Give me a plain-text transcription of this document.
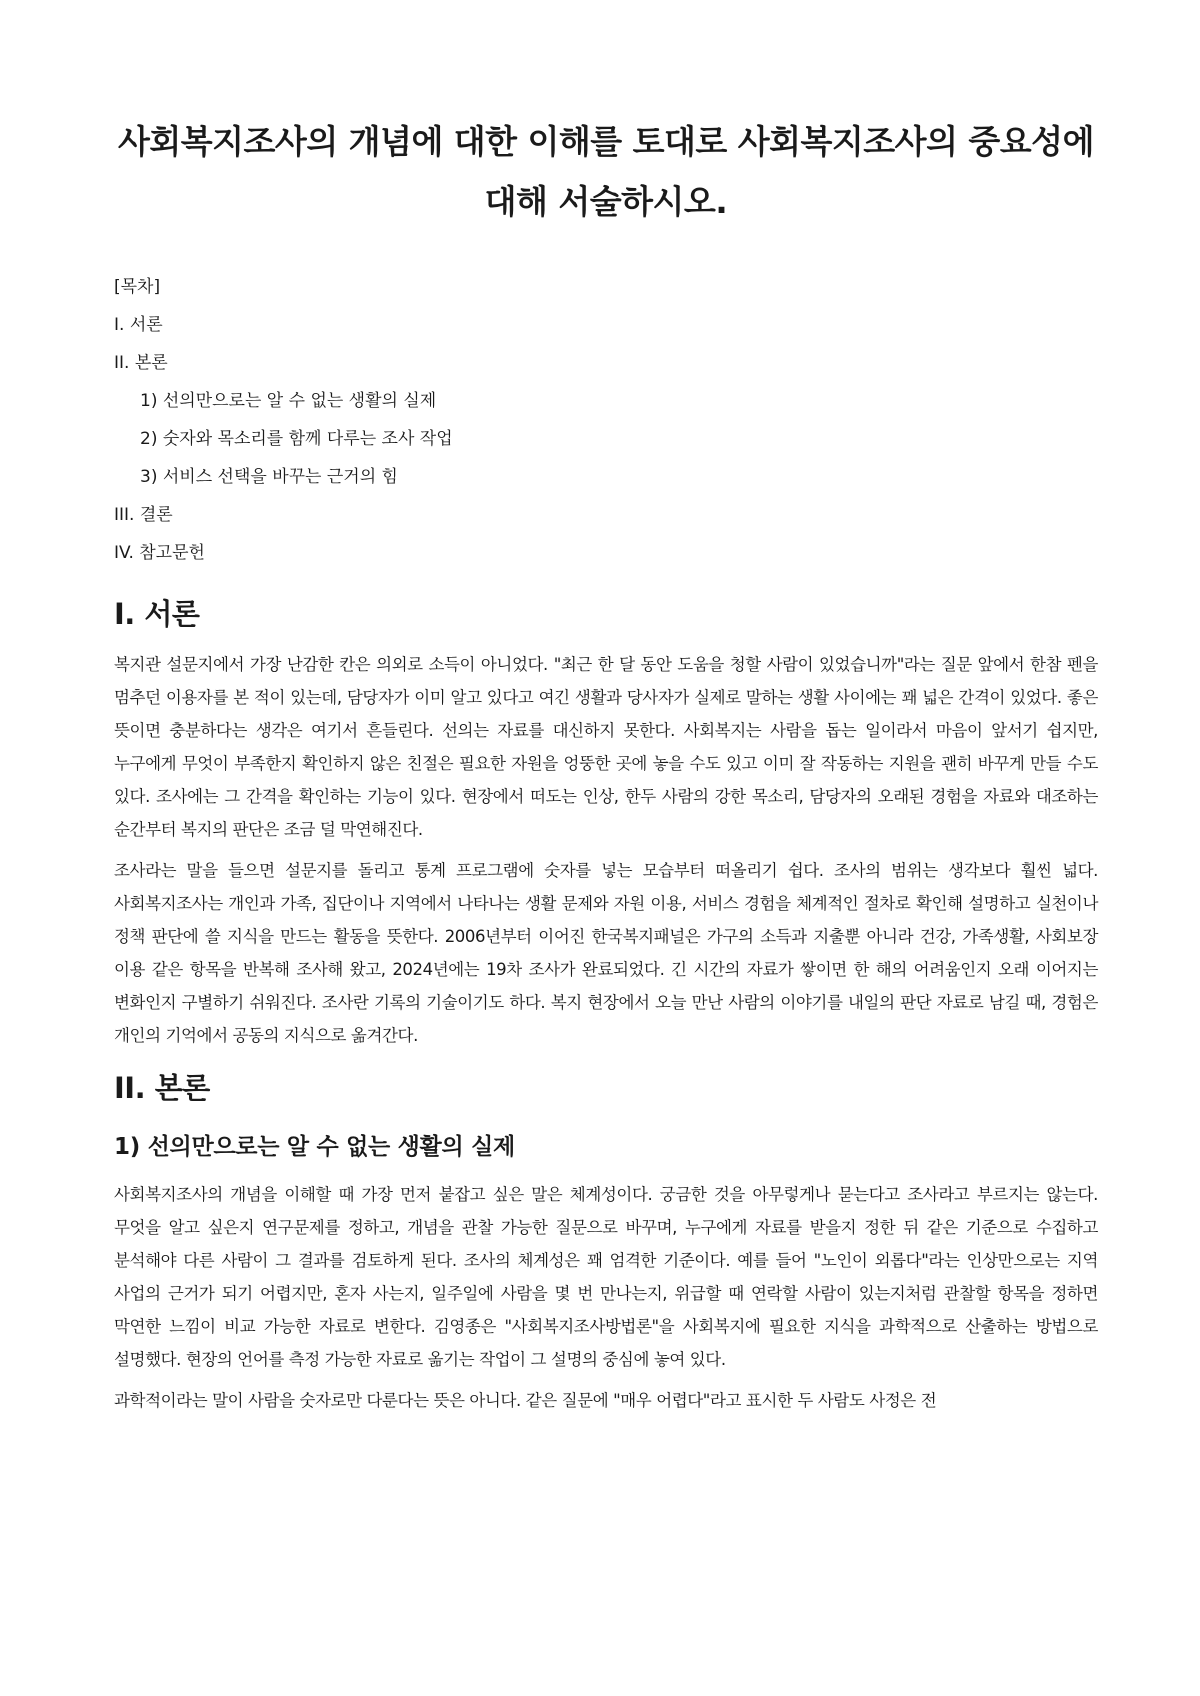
사회복지조사의 개념에 대한 이해를 토대로 사회복지조사의 중요성에 대해 서술하시오.
[목차]
I. 서론
II. 본론
1) 선의만으로는 알 수 없는 생활의 실제
2) 숫자와 목소리를 함께 다루는 조사 작업
3) 서비스 선택을 바꾸는 근거의 힘
III. 결론
IV. 참고문헌
I. 서론

복지관 설문지에서 가장 난감한 칸은 의외로 소득이 아니었다. "최근 한 달 동안 도움을 청할 사람이 있었습니까"라는 질문 앞에서 한참 펜을 멈추던 이용자를 본 적이 있는데, 담당자가 이미 알고 있다고 여긴 생활과 당사자가 실제로 말하는 생활 사이에는 꽤 넓은 간격이 있었다. 좋은 뜻이면 충분하다는 생각은 여기서 흔들린다. 선의는 자료를 대신하지 못한다. 사회복지는 사람을 돕는 일이라서 마음이 앞서기 쉽지만, 누구에게 무엇이 부족한지 확인하지 않은 친절은 필요한 자원을 엉뚱한 곳에 놓을 수도 있고 이미 잘 작동하는 지원을 괜히 바꾸게 만들 수도 있다. 조사에는 그 간격을 확인하는 기능이 있다. 현장에서 떠도는 인상, 한두 사람의 강한 목소리, 담당자의 오래된 경험을 자료와 대조하는 순간부터 복지의 판단은 조금 덜 막연해진다.

조사라는 말을 들으면 설문지를 돌리고 통계 프로그램에 숫자를 넣는 모습부터 떠올리기 쉽다. 조사의 범위는 생각보다 훨씬 넓다. 사회복지조사는 개인과 가족, 집단이나 지역에서 나타나는 생활 문제와 자원 이용, 서비스 경험을 체계적인 절차로 확인해 설명하고 실천이나 정책 판단에 쓸 지식을 만드는 활동을 뜻한다. 2006년부터 이어진 한국복지패널은 가구의 소득과 지출뿐 아니라 건강, 가족생활, 사회보장 이용 같은 항목을 반복해 조사해 왔고, 2024년에는 19차 조사가 완료되었다. 긴 시간의 자료가 쌓이면 한 해의 어려움인지 오래 이어지는 변화인지 구별하기 쉬워진다. 조사란 기록의 기술이기도 하다. 복지 현장에서 오늘 만난 사람의 이야기를 내일의 판단 자료로 남길 때, 경험은 개인의 기억에서 공동의 지식으로 옮겨간다.

II. 본론
1) 선의만으로는 알 수 없는 생활의 실제

사회복지조사의 개념을 이해할 때 가장 먼저 붙잡고 싶은 말은 체계성이다. 궁금한 것을 아무렇게나 묻는다고 조사라고 부르지는 않는다. 무엇을 알고 싶은지 연구문제를 정하고, 개념을 관찰 가능한 질문으로 바꾸며, 누구에게 자료를 받을지 정한 뒤 같은 기준으로 수집하고 분석해야 다른 사람이 그 결과를 검토하게 된다. 조사의 체계성은 꽤 엄격한 기준이다. 예를 들어 "노인이 외롭다"라는 인상만으로는 지역 사업의 근거가 되기 어렵지만, 혼자 사는지, 일주일에 사람을 몇 번 만나는지, 위급할 때 연락할 사람이 있는지처럼 관찰할 항목을 정하면 막연한 느낌이 비교 가능한 자료로 변한다. 김영종은 "사회복지조사방법론"을 사회복지에 필요한 지식을 과학적으로 산출하는 방법으로 설명했다. 현장의 언어를 측정 가능한 자료로 옮기는 작업이 그 설명의 중심에 놓여 있다.

과학적이라는 말이 사람을 숫자로만 다룬다는 뜻은 아니다. 같은 질문에 "매우 어렵다"라고 표시한 두 사람도 사정은 전
